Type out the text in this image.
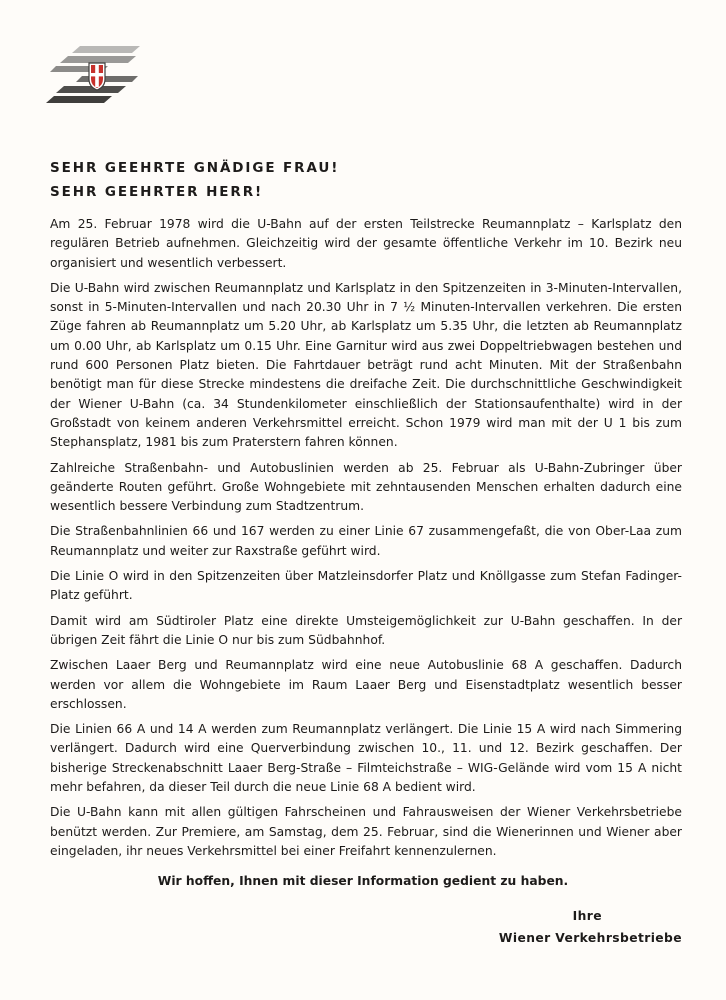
SEHR GEEHRTE GNÄDIGE FRAU!
SEHR GEEHRTER HERR!

Am 25. Februar 1978 wird die U-Bahn auf der ersten Teilstrecke Reumannplatz – Karlsplatz den regulären Betrieb aufnehmen. Gleichzeitig wird der gesamte öffentliche Verkehr im 10. Bezirk neu organisiert und wesentlich verbessert.

Die U-Bahn wird zwischen Reumannplatz und Karlsplatz in den Spitzenzeiten in 3-Minuten-Intervallen, sonst in 5-Minuten-Intervallen und nach 20.30 Uhr in 7 ½ Minuten-Intervallen verkehren. Die ersten Züge fahren ab Reumannplatz um 5.20 Uhr, ab Karlsplatz um 5.35 Uhr, die letzten ab Reumannplatz um 0.00 Uhr, ab Karlsplatz um 0.15 Uhr. Eine Garnitur wird aus zwei Doppeltriebwagen bestehen und rund 600 Personen Platz bieten. Die Fahrtdauer beträgt rund acht Minuten. Mit der Straßenbahn benötigt man für diese Strecke mindestens die dreifache Zeit. Die durchschnittliche Geschwindigkeit der Wiener U-Bahn (ca. 34 Stundenkilometer einschließlich der Stationsaufenthalte) wird in der Großstadt von keinem anderen Verkehrsmittel erreicht. Schon 1979 wird man mit der U 1 bis zum Stephansplatz, 1981 bis zum Praterstern fahren können.

Zahlreiche Straßenbahn- und Autobuslinien werden ab 25. Februar als U-Bahn-Zubringer über geänderte Routen geführt. Große Wohngebiete mit zehntausenden Menschen erhalten dadurch eine wesentlich bessere Verbindung zum Stadtzentrum.

Die Straßenbahnlinien 66 und 167 werden zu einer Linie 67 zusammengefaßt, die von Ober-Laa zum Reumannplatz und weiter zur Raxstraße geführt wird.

Die Linie O wird in den Spitzenzeiten über Matzleinsdorfer Platz und Knöllgasse zum Stefan Fadinger-Platz geführt.

Damit wird am Südtiroler Platz eine direkte Umsteigemöglichkeit zur U-Bahn geschaffen. In der übrigen Zeit fährt die Linie O nur bis zum Südbahnhof.

Zwischen Laaer Berg und Reumannplatz wird eine neue Autobuslinie 68 A geschaffen. Dadurch werden vor allem die Wohngebiete im Raum Laaer Berg und Eisenstadtplatz wesentlich besser erschlossen.

Die Linien 66 A und 14 A werden zum Reumannplatz verlängert. Die Linie 15 A wird nach Simmering verlängert. Dadurch wird eine Querverbindung zwischen 10., 11. und 12. Bezirk geschaffen. Der bisherige Streckenabschnitt Laaer Berg-Straße – Filmteichstraße – WIG-Gelände wird vom 15 A nicht mehr befahren, da dieser Teil durch die neue Linie 68 A bedient wird.

Die U-Bahn kann mit allen gültigen Fahrscheinen und Fahrausweisen der Wiener Verkehrsbetriebe benützt werden. Zur Premiere, am Samstag, dem 25. Februar, sind die Wienerinnen und Wiener aber eingeladen, ihr neues Verkehrsmittel bei einer Freifahrt kennenzulernen.

Wir hoffen, Ihnen mit dieser Information gedient zu haben.
Ihre
Wiener Verkehrsbetriebe
